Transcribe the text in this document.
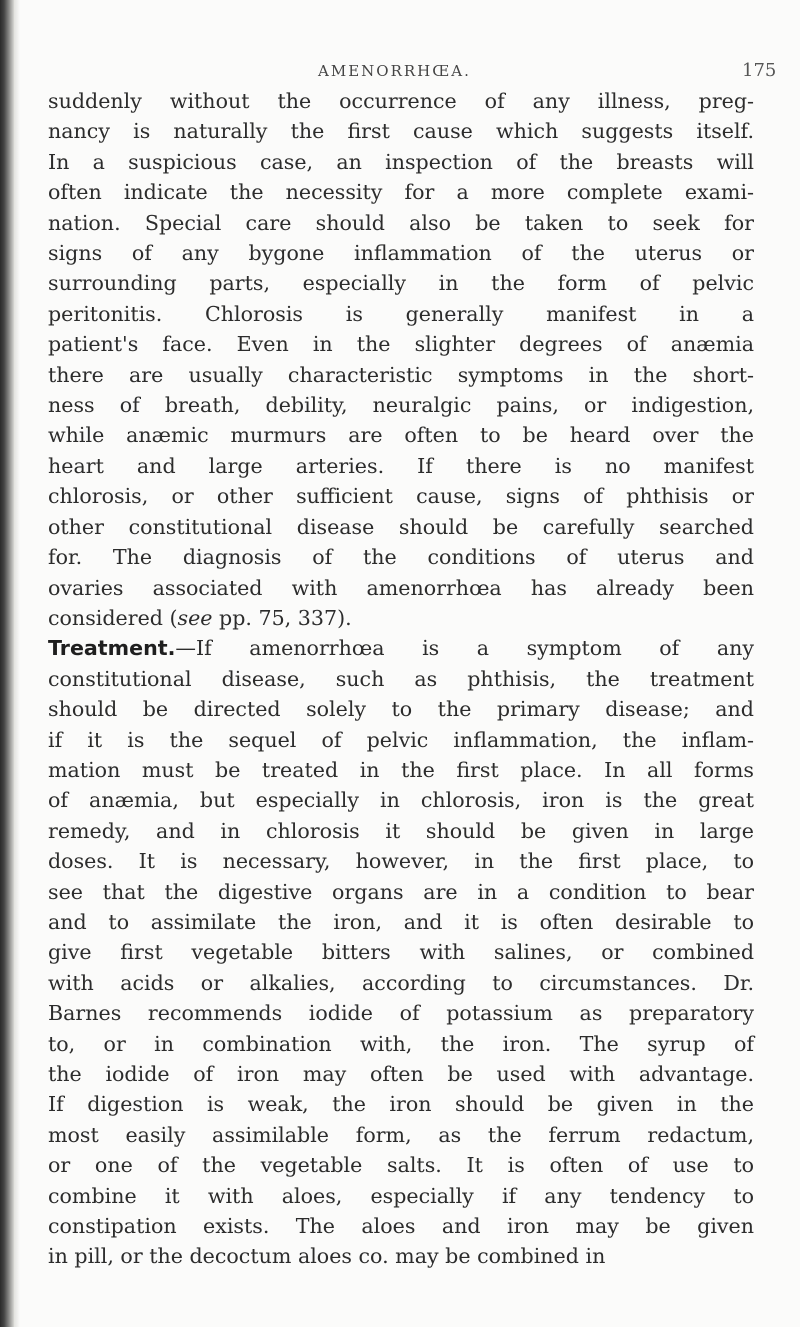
AMENORRHŒA.	175

suddenly without the occurrence of any illness, preg-

nancy is naturally the first cause which suggests itself.

In a suspicious case, an inspection of the breasts will

often indicate the necessity for a more complete exami-

nation. Special care should also be taken to seek for

signs of any bygone inflammation of the uterus or

surrounding parts, especially in the form of pelvic

peritonitis. Chlorosis is generally manifest in a

patient's face. Even in the slighter degrees of anæmia

there are usually characteristic symptoms in the short-

ness of breath, debility, neuralgic pains, or indigestion,

while anæmic murmurs are often to be heard over the

heart and large arteries. If there is no manifest

chlorosis, or other sufficient cause, signs of phthisis or

other constitutional disease should be carefully searched

for. The diagnosis of the conditions of uterus and

ovaries associated with amenorrhœa has already been

considered (see pp. 75, 337).

Treatment.—If amenorrhœa is a symptom of any

constitutional disease, such as phthisis, the treatment

should be directed solely to the primary disease; and

if it is the sequel of pelvic inflammation, the inflam-

mation must be treated in the first place. In all forms

of anæmia, but especially in chlorosis, iron is the great

remedy, and in chlorosis it should be given in large

doses. It is necessary, however, in the first place, to

see that the digestive organs are in a condition to bear

and to assimilate the iron, and it is often desirable to

give first vegetable bitters with salines, or combined

with acids or alkalies, according to circumstances. Dr.

Barnes recommends iodide of potassium as preparatory

to, or in combination with, the iron. The syrup of

the iodide of iron may often be used with advantage.

If digestion is weak, the iron should be given in the

most easily assimilable form, as the ferrum redactum,

or one of the vegetable salts. It is often of use to

combine it with aloes, especially if any tendency to

constipation exists. The aloes and iron may be given

in pill, or the decoctum aloes co. may be combined in
